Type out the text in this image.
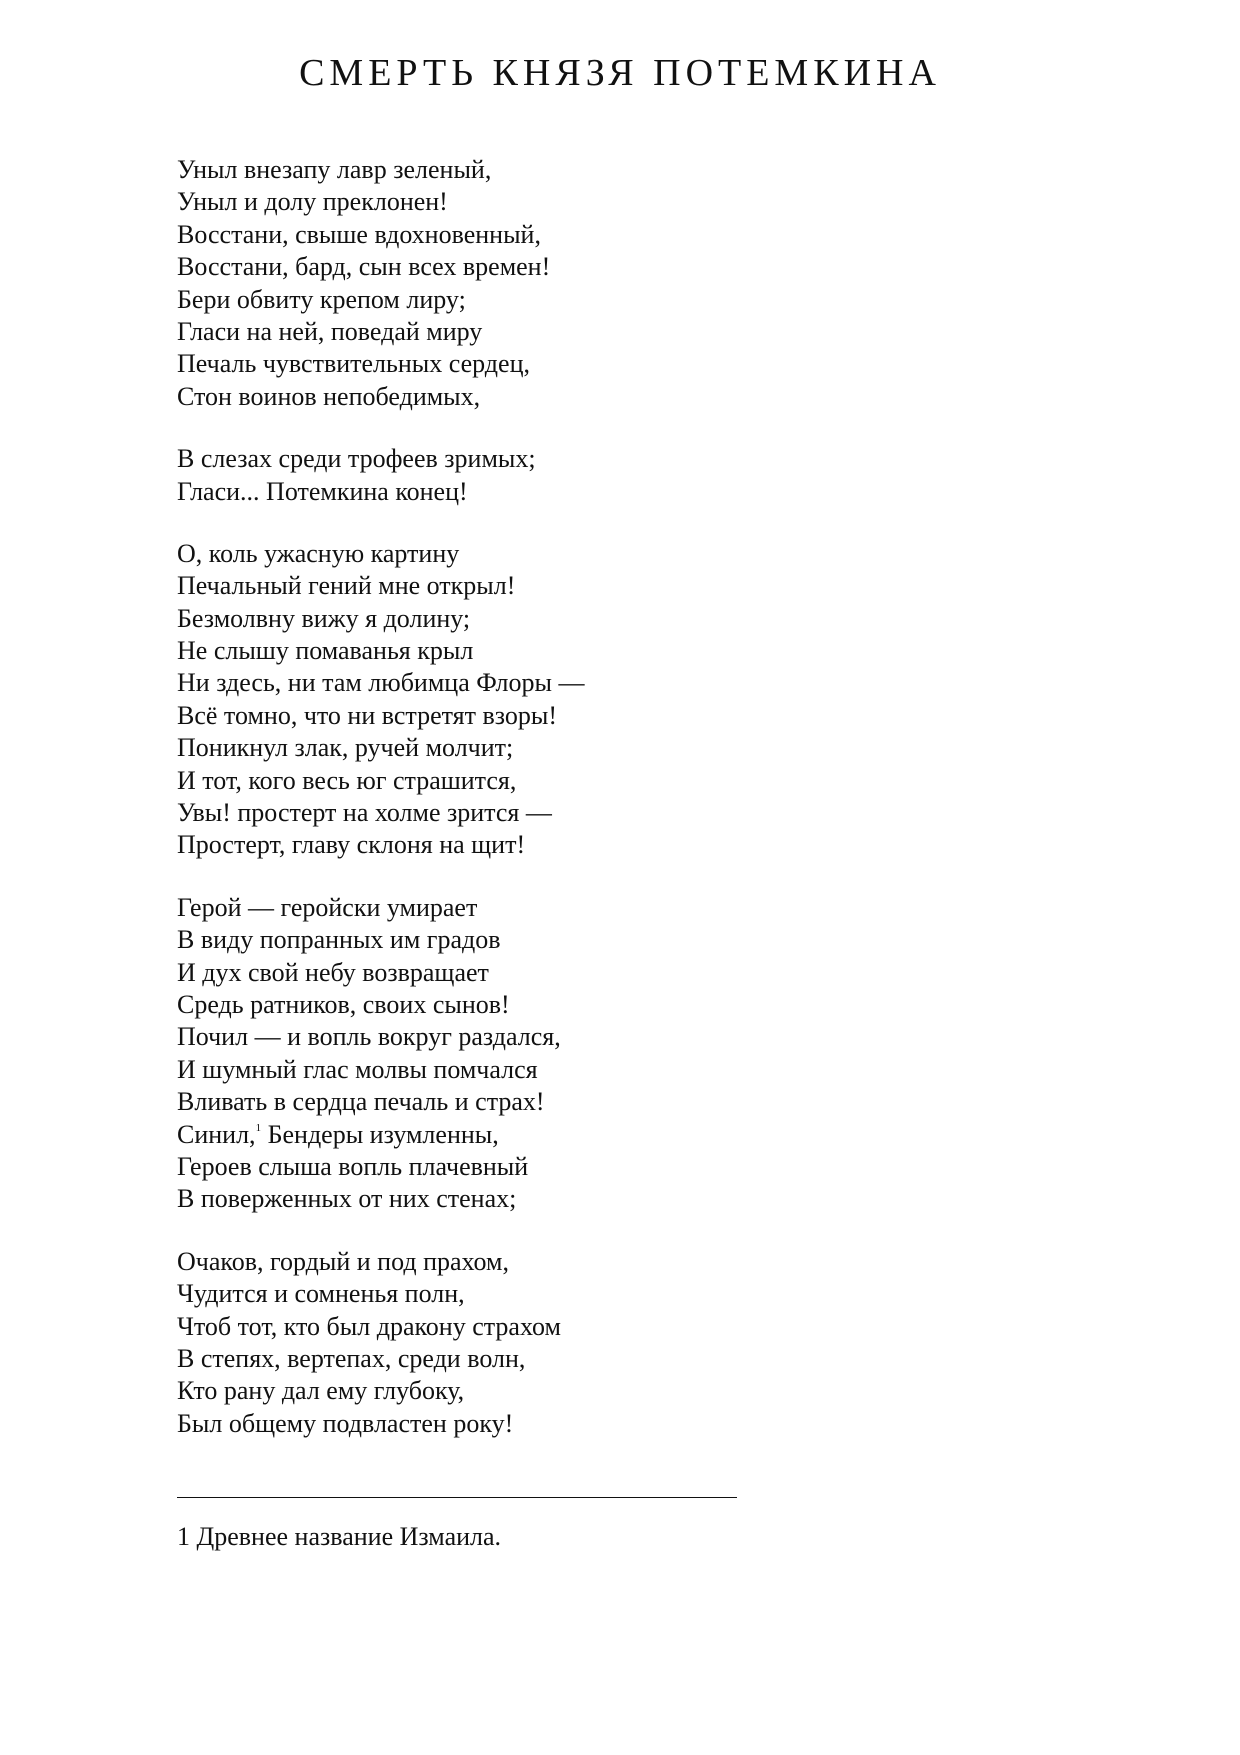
СМЕРТЬ КНЯЗЯ ПОТЕМКИНА
Уныл внезапу лавр зеленый,
Уныл и долу преклонен!
Восстани, свыше вдохновенный,
Восстани, бард, сын всех времен!
Бери обвиту крепом лиру;
Гласи на ней, поведай миру
Печаль чувствительных сердец,
Стон воинов непобедимых,
В слезах среди трофеев зримых;
Гласи... Потемкина конец!
О, коль ужасную картину
Печальный гений мне открыл!
Безмолвну вижу я долину;
Не слышу помаванья крыл
Ни здесь, ни там любимца Флоры —
Всё томно, что ни встретят взоры!
Поникнул злак, ручей молчит;
И тот, кого весь юг страшится,
Увы! простерт на холме зрится —
Простерт, главу склоня на щит!
Герой — геройски умирает
В виду попранных им градов
И дух свой небу возвращает
Средь ратников, своих сынов!
Почил — и вопль вокруг раздался,
И шумный глас молвы помчался
Вливать в сердца печаль и страх!
Синил,$^1$ Бендеры изумленны,
Героев слыша вопль плачевный
В поверженных от них стенах;
Очаков, гордый и под прахом,
Чудится и сомненья полн,
Чтоб тот, кто был дракону страхом
В степях, вертепах, среди волн,
Кто рану дал ему глубоку,
Был общему подвластен року!
1 Древнее название Измаила.
